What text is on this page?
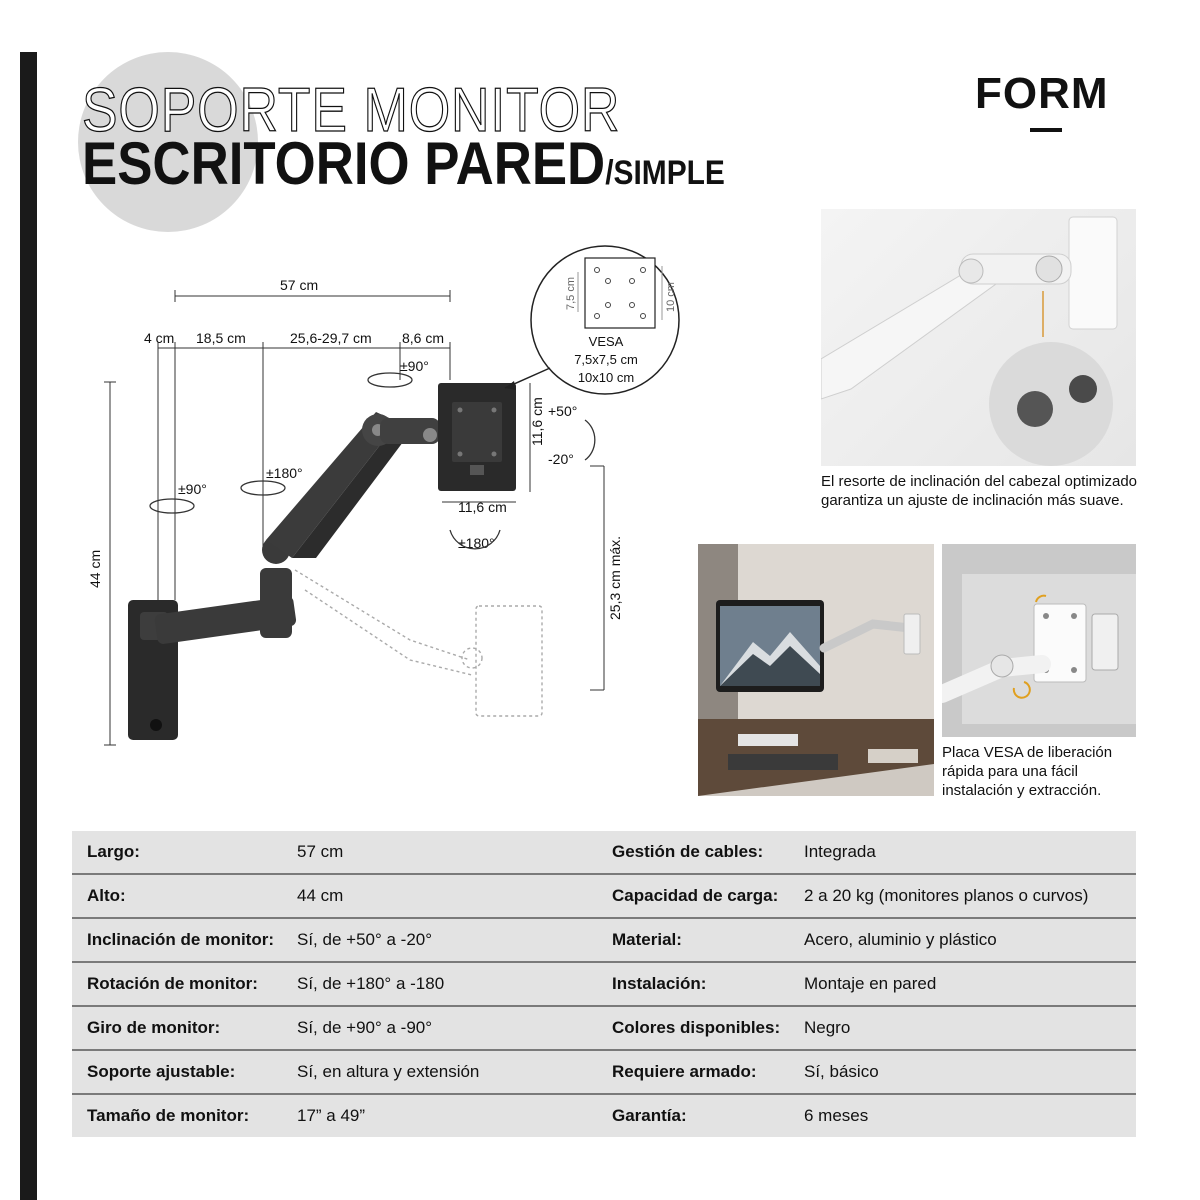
SOPORTE MONITOR
ESCRITORIO PARED/SIMPLE
FORM
57 cm
4 cm 18,5 cm	25,6-29,7 cm 8,6 cm
44 cm
±90°
±180°
±90°
11,6 cm
11,6 cm
+50°
-20°
±180°	25,3 cm máx.
7,5 cm	10 cm
VESA
7,5x7,5 cm
10x10 cm
El resorte de inclinación del cabezal optimizado garantiza un ajuste de inclinación más suave.
Placa VESA de liberación rápida para una fácil instalación y extracción.
Largo:	57 cm	Gestión de cables: Integrada
Alto:	44 cm	Capacidad de carga: 2 a 20 kg (monitores planos o curvos)
Inclinación de monitor: Sí, de +50° a -20°	Material:	Acero, aluminio y plástico
Rotación de monitor: Sí, de +180° a -180	Instalación:	Montaje en pared
Giro de monitor:	Sí, de +90° a -90°	Colores disponibles: Negro
Soporte ajustable:	Sí, en altura y extensión	Requiere armado:	Sí, básico
Tamaño de monitor:	17” a 49”	Garantía:	6 meses
